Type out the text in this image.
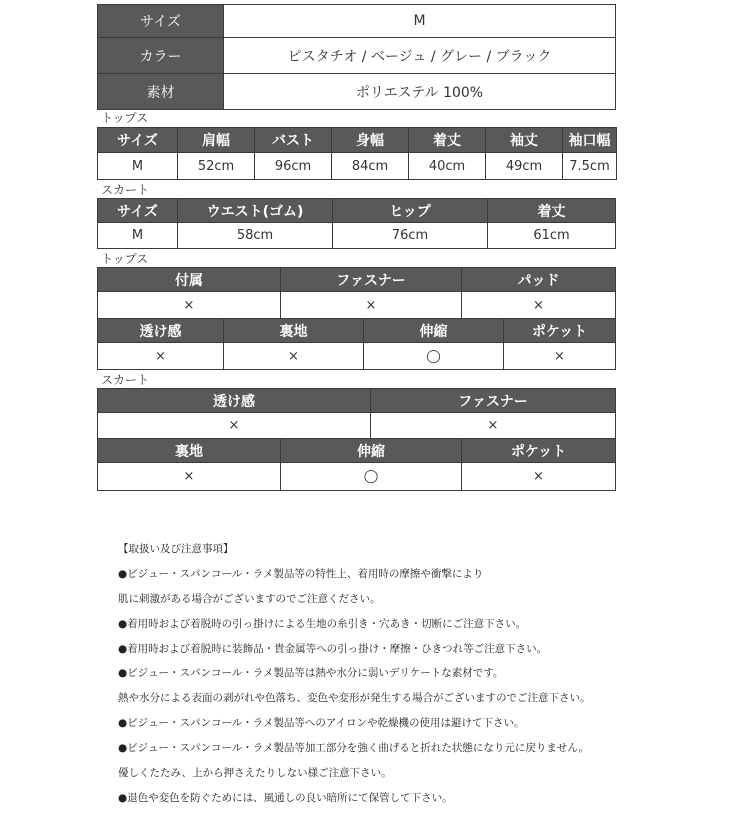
サイズ	M
カラー	ピスタチオ / ベージュ / グレー / ブラック
素材	ポリエステル 100%
トップス
サイズ	肩幅	バスト	身幅	着丈	袖丈	袖口幅
M	52cm	96cm	84cm	40cm	49cm	7.5cm
スカート
サイズ	ウエスト(ゴム)	ヒップ	着丈
M	58cm	76cm	61cm
トップス
付属	ファスナー	パッド
×	×	×
透け感	裏地	伸縮	ポケット
×	×	◯	×
スカート
透け感	ファスナー
×	×
裏地	伸縮	ポケット
×	◯	×

【取扱い及び注意事項】

●ビジュー・スパンコール・ラメ製品等の特性上、着用時の摩擦や衝撃により

肌に刺激がある場合がございますのでご注意ください。

●着用時および着脱時の引っ掛けによる生地の糸引き・穴あき・切断にご注意下さい。

●着用時および着脱時に装飾品・貴金属等への引っ掛け・摩擦・ひきつれ等ご注意下さい。

●ビジュー・スパンコール・ラメ製品等は熱や水分に弱いデリケートな素材です。

熱や水分による表面の剥がれや色落ち、変色や変形が発生する場合がございますのでご注意下さい。

●ビジュー・スパンコール・ラメ製品等へのアイロンや乾燥機の使用は避けて下さい。

●ビジュー・スパンコール・ラメ製品等加工部分を強く曲げると折れた状態になり元に戻りません。

優しくたたみ、上から押さえたりしない様ご注意下さい。

●退色や変色を防ぐためには、風通しの良い暗所にて保管して下さい。
